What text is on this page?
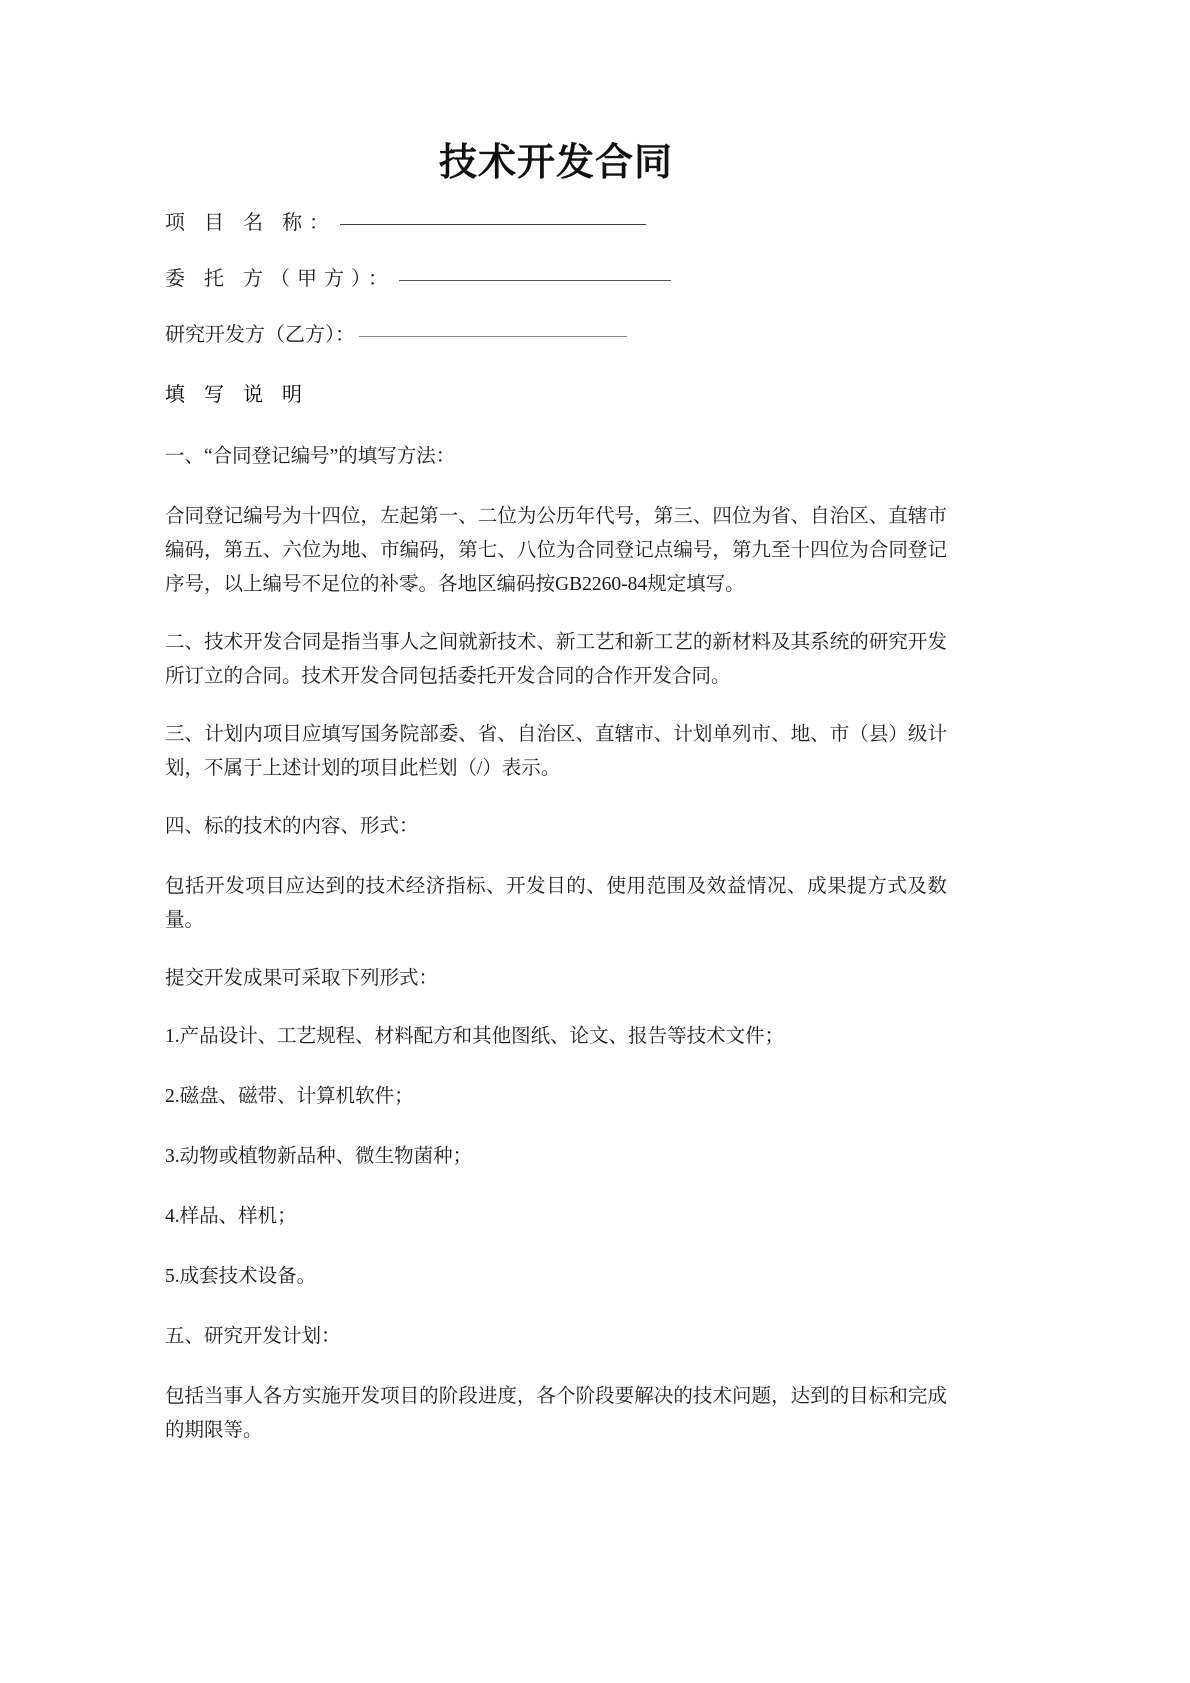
技术开发合同
项 目 名 称：
委 托 方（甲方）：
研究开发方（乙方）：
填 写 说 明

一、“合同登记编号”的填写方法：

合同登记编号为十四位，左起第一、二位为公历年代号，第三、四位为省、自治区、直辖市编码，第五、六位为地、市编码，第七、八位为合同登记点编号，第九至十四位为合同登记序号，以上编号不足位的补零。各地区编码按GB2260-84规定填写。

二、技术开发合同是指当事人之间就新技术、新工艺和新工艺的新材料及其系统的研究开发所订立的合同。技术开发合同包括委托开发合同的合作开发合同。

三、计划内项目应填写国务院部委、省、自治区、直辖市、计划单列市、地、市（县）级计划，不属于上述计划的项目此栏划（/）表示。

四、标的技术的内容、形式：

包括开发项目应达到的技术经济指标、开发目的、使用范围及效益情况、成果提方式及数量。

提交开发成果可采取下列形式：

1.产品设计、工艺规程、材料配方和其他图纸、论文、报告等技术文件；

2.磁盘、磁带、计算机软件；

3.动物或植物新品种、微生物菌种；

4.样品、样机；

5.成套技术设备。

五、研究开发计划：

包括当事人各方实施开发项目的阶段进度，各个阶段要解决的技术问题，达到的目标和完成的期限等。
